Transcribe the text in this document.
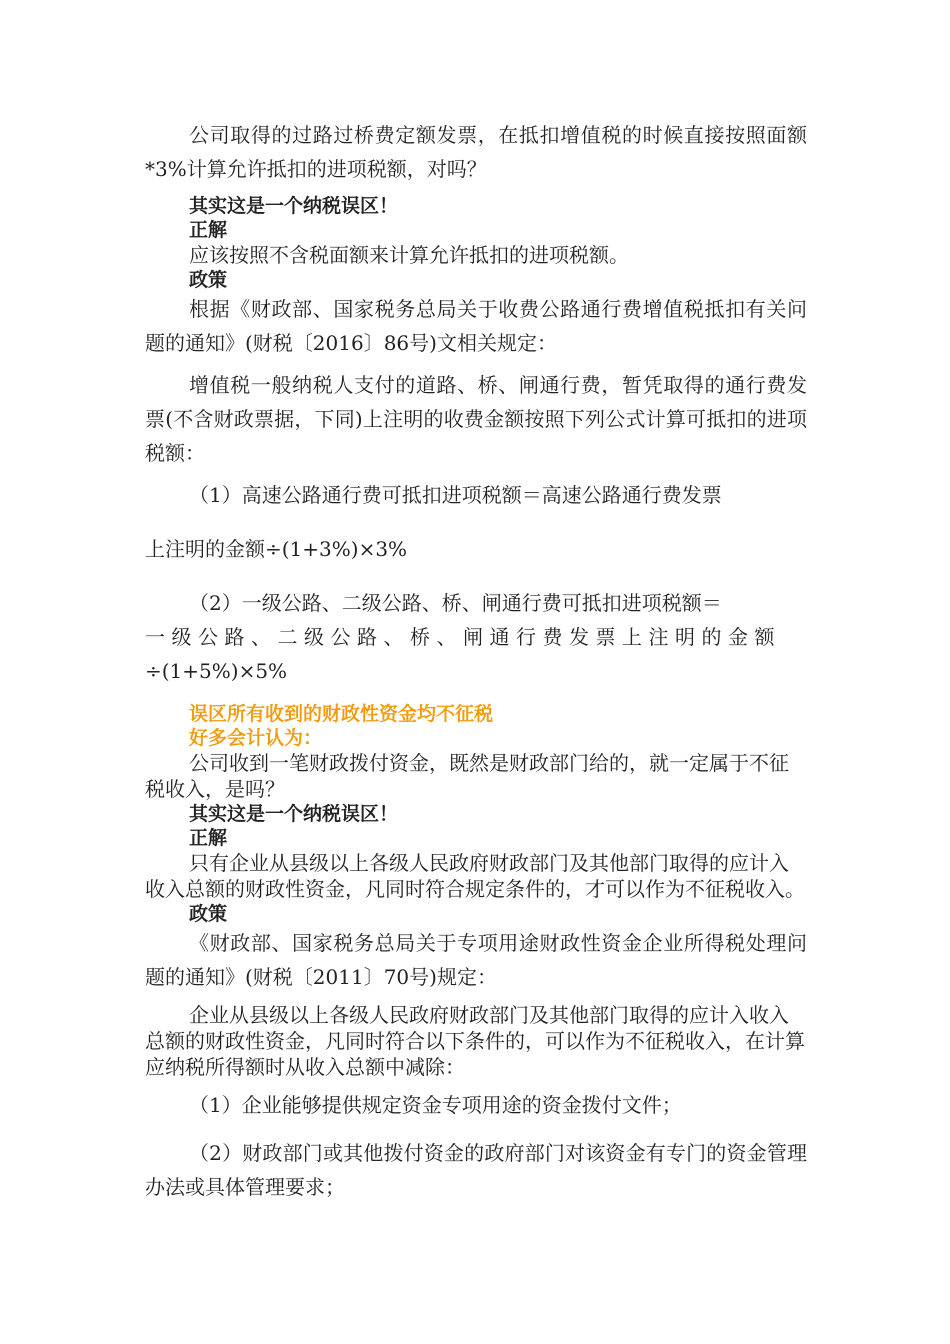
公司取得的过路过桥费定额发票，在抵扣增值税的时候直接按照面额*3%计算允许抵扣的进项税额，对吗？

其实这是一个纳税误区！

正解

应该按照不含税面额来计算允许抵扣的进项税额。

政策

根据《财政部、国家税务总局关于收费公路通行费增值税抵扣有关问题的通知》(财税〔2016〕86号)文相关规定：

增值税一般纳税人支付的道路、桥、闸通行费，暂凭取得的通行费发票(不含财政票据，下同)上注明的收费金额按照下列公式计算可抵扣的进项税额：

（1）高速公路通行费可抵扣进项税额＝高速公路通行费发票

上注明的金额÷(1+3%)×3%

（2）一级公路、二级公路、桥、闸通行费可抵扣进项税额＝

一级公路、二级公路、桥、闸通行费发票上注明的金额

÷(1+5%)×5%

误区所有收到的财政性资金均不征税

好多会计认为：

公司收到一笔财政拨付资金，既然是财政部门给的，就一定属于不征税收入，是吗？

其实这是一个纳税误区！

正解

只有企业从县级以上各级人民政府财政部门及其他部门取得的应计入收入总额的财政性资金，凡同时符合规定条件的，才可以作为不征税收入。

政策

《财政部、国家税务总局关于专项用途财政性资金企业所得税处理问题的通知》(财税〔2011〕70号)规定：

企业从县级以上各级人民政府财政部门及其他部门取得的应计入收入总额的财政性资金，凡同时符合以下条件的，可以作为不征税收入，在计算应纳税所得额时从收入总额中减除：

（1）企业能够提供规定资金专项用途的资金拨付文件；

（2）财政部门或其他拨付资金的政府部门对该资金有专门的资金管理办法或具体管理要求；
